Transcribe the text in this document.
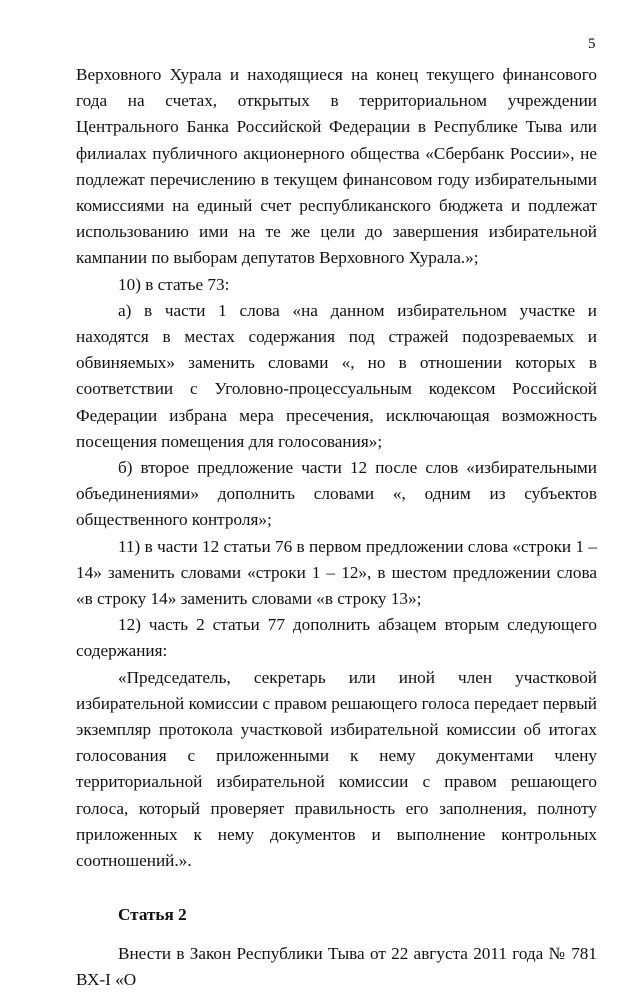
5

Верховного Хурала и находящиеся на конец текущего финансового года на счетах, открытых в территориальном учреждении Центрального Банка Российской Федерации в Республике Тыва или филиалах публичного акционерного общества «Сбербанк России», не подлежат перечислению в текущем финансовом году избирательными комиссиями на единый счет республиканского бюджета и подлежат использованию ими на те же цели до завершения избирательной кампании по выборам депутатов Верховного Хурала.»;

10) в статье 73:

а) в части 1 слова «на данном избирательном участке и находятся в местах содержания под стражей подозреваемых и обвиняемых» заменить словами «, но в отношении которых в соответствии с Уголовно-процессуальным кодексом Российской Федерации избрана мера пресечения, исключающая возможность посещения помещения для голосования»;

б) второе предложение части 12 после слов «избирательными объединениями» дополнить словами «, одним из субъектов общественного контроля»;

11) в части 12 статьи 76 в первом предложении слова «строки 1 – 14» заменить словами «строки 1 – 12», в шестом предложении слова «в строку 14» заменить словами «в строку 13»;

12) часть 2 статьи 77 дополнить абзацем вторым следующего содержания:

«Председатель, секретарь или иной член участковой избирательной комиссии с правом решающего голоса передает первый экземпляр протокола участковой избирательной комиссии об итогах голосования с приложенными к нему документами члену территориальной избирательной комиссии с правом решающего голоса, который проверяет правильность его заполнения, полноту приложенных к нему документов и выполнение контрольных соотношений.».

Статья 2

Внести в Закон Республики Тыва от 22 августа 2011 года № 781 ВХ-I «О
